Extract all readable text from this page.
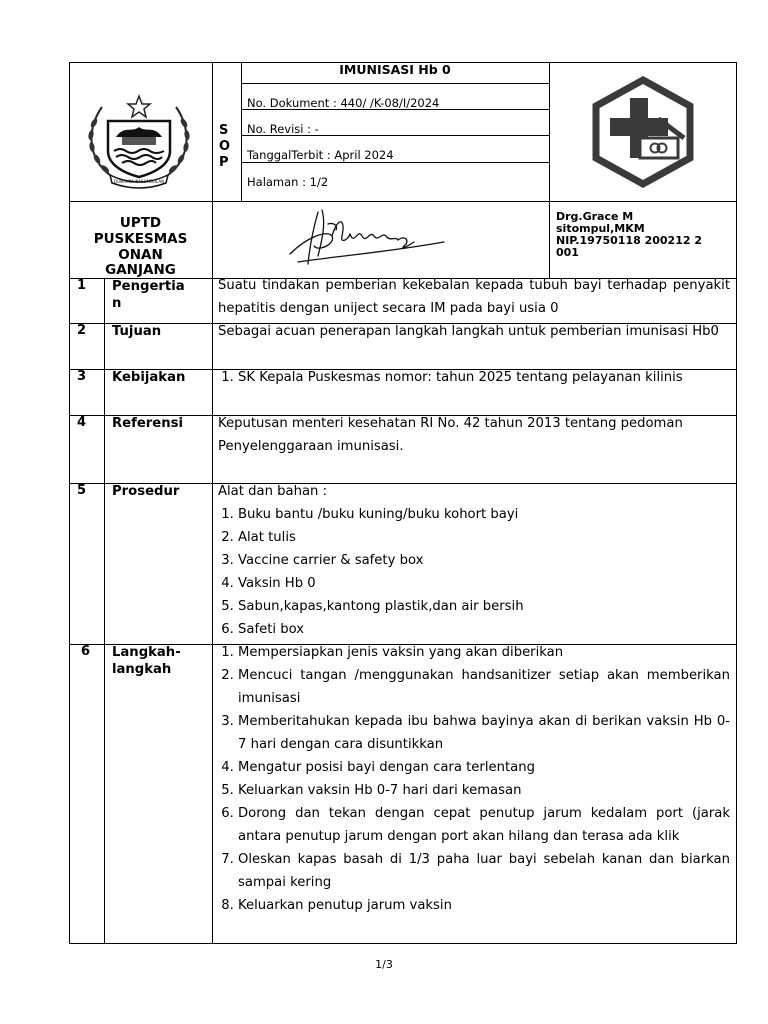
DUMAKKA NASOMBOLAN
S
O
P
IMUNISASI Hb 0
No. Dokument : 440/ /K-08/I/2024
No. Revisi : -
TanggalTerbit : April 2024
Halaman : 1/2
UPTD
PUSKESMAS
ONAN
GANJANG
Drg.Grace M
sitompul,MKM
NIP.19750118 200212 2
001
1 Pengertia
n
Suatu tindakan pemberian kekebalan kepada tubuh bayi terhadap penyakit hepatitis dengan uniject secara IM pada bayi usia 0
2 Tujuan	Sebagai acuan penerapan langkah langkah untuk pemberian imunisasi Hb0
3 Kebijakan
1.	SK Kepala Puskesmas nomor: tahun 2025 tentang pelayanan kilinis
4 Referensi	Keputusan menteri kesehatan RI No. 42 tahun 2013 tentang pedoman
Penyelenggaraan imunisasi.
5 Prosedur	Alat dan bahan :
1. Buku bantu /buku kuning/buku kohort bayi
2. Alat tulis
3. Vaccine carrier & safety box
4. Vaksin Hb 0
5. Sabun,kapas,kantong plastik,dan air bersih
6. Safeti box
6 Langkah-
langkah
1. Mempersiapkan jenis vaksin yang akan diberikan
2. Mencuci tangan /menggunakan handsanitizer setiap akan memberikan imunisasi
3. Memberitahukan kepada ibu bahwa bayinya akan di berikan vaksin Hb 0-7 hari dengan cara disuntikkan
4. Mengatur posisi bayi dengan cara terlentang
5. Keluarkan vaksin Hb 0-7 hari dari kemasan
6. Dorong dan tekan dengan cepat penutup jarum kedalam port (jarak antara penutup jarum dengan port akan hilang dan terasa ada klik
7. Oleskan kapas basah di 1/3 paha luar bayi sebelah kanan dan biarkan sampai kering
8. Keluarkan penutup jarum vaksin
1/3
